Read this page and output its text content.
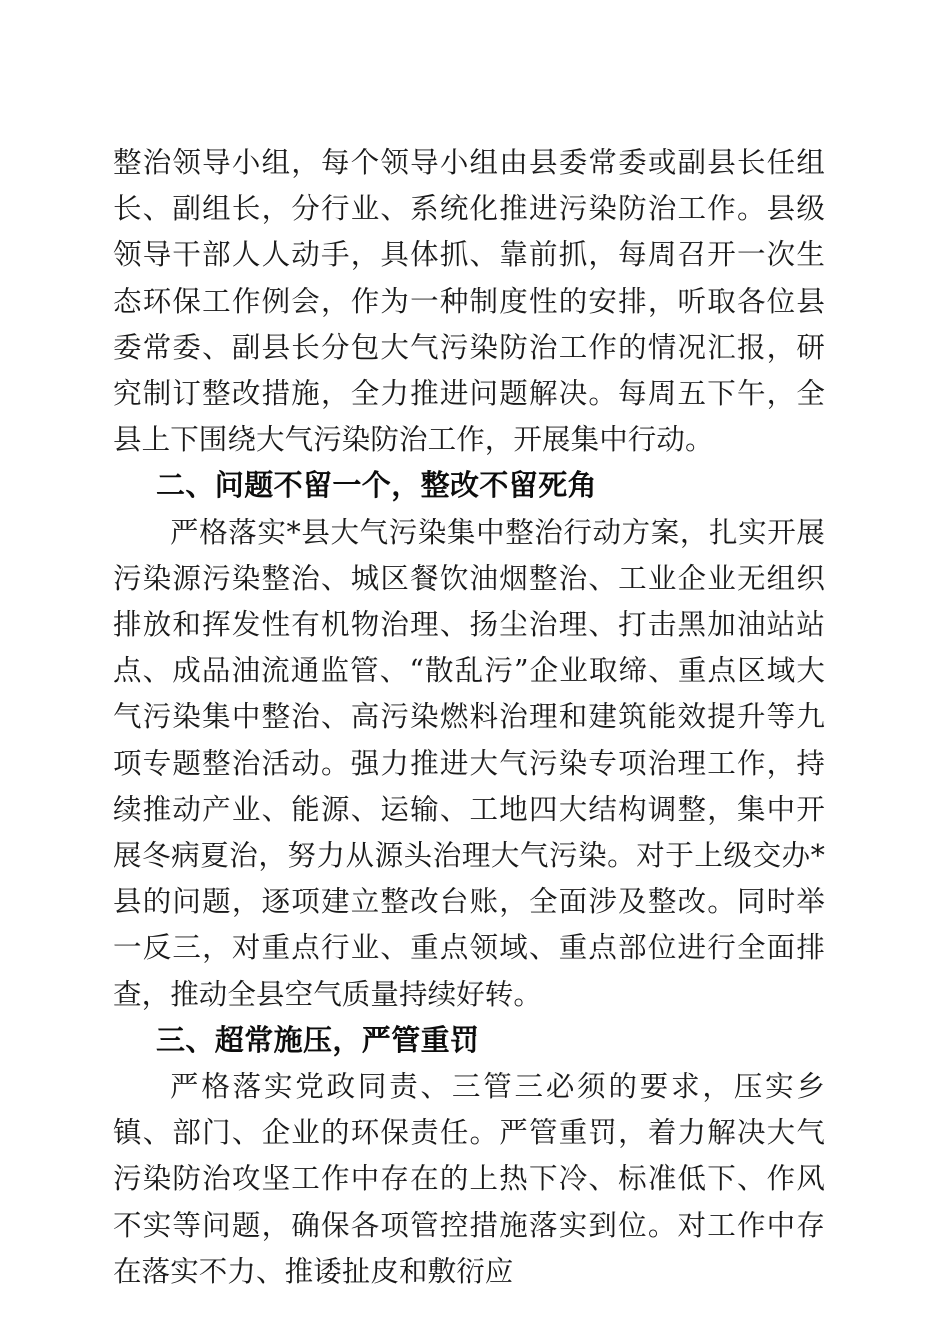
整治领导小组，每个领导小组由县委常委或副县长任组长、副组长，分行业、系统化推进污染防治工作。县级领导干部人人动手，具体抓、靠前抓，每周召开一次生态环保工作例会，作为一种制度性的安排，听取各位县委常委、副县长分包大气污染防治工作的情况汇报，研究制订整改措施，全力推进问题解决。每周五下午，全县上下围绕大气污染防治工作，开展集中行动。

二、问题不留一个，整改不留死角

严格落实*县大气污染集中整治行动方案，扎实开展污染源污染整治、城区餐饮油烟整治、工业企业无组织排放和挥发性有机物治理、扬尘治理、打击黑加油站站点、成品油流通监管、“散乱污”企业取缔、重点区域大气污染集中整治、高污染燃料治理和建筑能效提升等九项专题整治活动。强力推进大气污染专项治理工作，持续推动产业、能源、运输、工地四大结构调整，集中开展冬病夏治，努力从源头治理大气污染。对于上级交办*县的问题，逐项建立整改台账，全面涉及整改。同时举一反三，对重点行业、重点领域、重点部位进行全面排查，推动全县空气质量持续好转。

三、超常施压，严管重罚

严格落实党政同责、三管三必须的要求，压实乡镇、部门、企业的环保责任。严管重罚，着力解决大气污染防治攻坚工作中存在的上热下冷、标准低下、作风不实等问题，确保各项管控措施落实到位。对工作中存在落实不力、推诿扯皮和敷衍应
